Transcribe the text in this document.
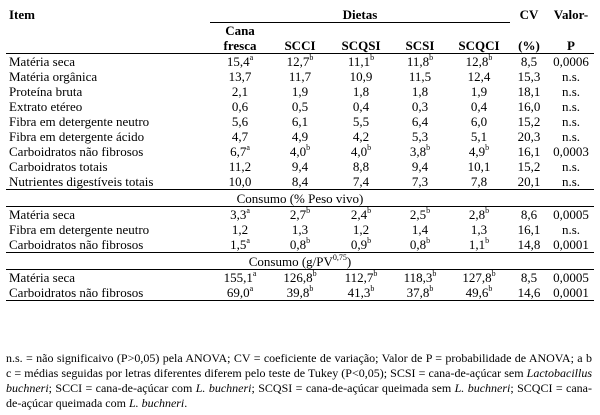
Item	Dietas					CV	Valor-
	Cana
fresca	SCCI	SCQSI	SCSI	SCQCI	(%)	P
Matéria seca	15,4$^a$	12,7$^b$	11,1$^b$	11,8$^b$	12,8$^b$	8,5	0,0006
Matéria orgânica	13,7	11,7	10,9	11,5	12,4	15,3	n.s.
Proteína bruta	2,1	1,9	1,8	1,8	1,9	18,1	n.s.
Extrato etéreo	0,6	0,5	0,4	0,3	0,4	16,0	n.s.
Fibra em detergente neutro	5,6	6,1	5,5	6,4	6,0	15,2	n.s.
Fibra em detergente ácido	4,7	4,9	4,2	5,3	5,1	20,3	n.s.
Carboidratos não fibrosos	6,7$^a$	4,0$^b$	4,0$^b$	3,8$^b$	4,9$^b$	16,1	0,0003
Carboidratos totais	11,2	9,4	8,8	9,4	10,1	15,2	n.s.
Nutrientes digestíveis totais	10,0	8,4	7,4	7,3	7,8	20,1	n.s.
Consumo (% Peso vivo)							
Matéria seca	3,3$^a$	2,7$^b$	2,4$^b$	2,5$^b$	2,8$^b$	8,6	0,0005
Fibra em detergente neutro	1,2	1,3	1,2	1,4	1,3	16,1	n.s.
Carboidratos não fibrosos	1,5$^a$	0,8$^b$	0,9$^b$	0,8$^b$	1,1$^b$	14,8	0,0001
Consumo (g/PV$^{0,75}$)							
Matéria seca	155,1$^a$	126,8$^b$	112,7$^b$	118,3$^b$	127,8$^b$	8,5	0,0005
Carboidratos não fibrosos	69,0$^a$	39,8$^b$	41,3$^b$	37,8$^b$	49,6$^b$	14,6	0,0001
n.s. = não significaivo (P>0,05) pela ANOVA; CV = coeficiente de variação; Valor de P = probabilidade de ANOVA; a b c = médias seguidas por letras diferentes diferem pelo teste de Tukey (P<0,05); SCSI = cana-de-açúcar sem Lactobacillus buchneri; SCCI = cana-de-açúcar com L. buchneri; SCQSI = cana-de-açúcar queimada sem L. buchneri; SCQCI = cana-de-açúcar queimada com L. buchneri.
